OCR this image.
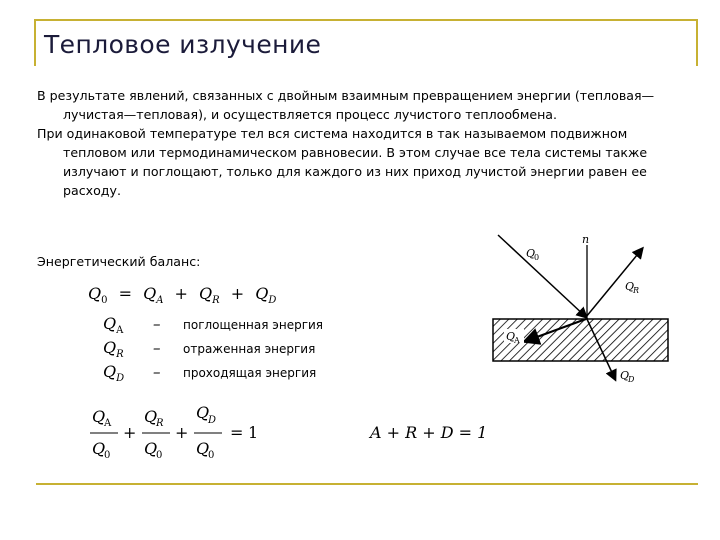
Тепловое излучение

В результате явлений, связанных с двойным взаимным превращением энергии (тепловая—лучистая—тепловая), и осуществляется процесс лучистого теплообмена.

При одинаковой температуре тел вся система находится в так называемом подвижном тепловом или термодинамическом равновесии. В этом случае все тела системы также излучают и поглощают, только для каждого из них приход лучистой энергии равен ее расходу.

Энергетический баланс:
$Q_0 = Q_A + Q_R + Q_D$
$Q_A$	–	поглощенная энергия
$Q_R$	–	отраженная энергия
$Q_D$	–	проходящая энергия
Q
A
Q
0
+
Q
R
Q
0
+
Q
D
Q
0
= 1	A + R + D = 1
n
Q
0
Q
R
Q
A
Q
D
